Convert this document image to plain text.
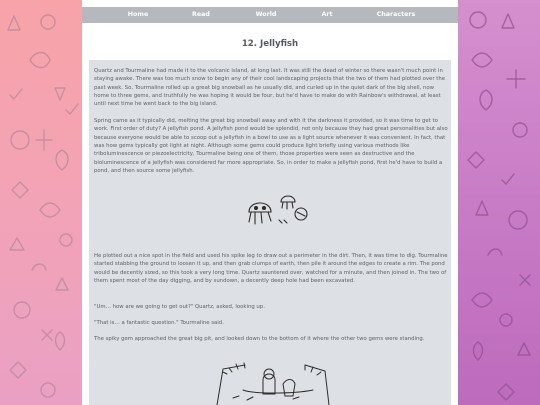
Home	Read	World	Art	Characters
12. Jellyfish

Quartz and Tourmaline had made it to the volcanic island, at long last. It was still the dead of winter so there wasn't much point in staying awake. There was too much snow to begin any of their cool landscaping projects that the two of them had plotted over the past week. So, Tourmaline rolled up a great big snowball as he usually did, and curled up in the quiet dark of the big shell, now home to three gems, and truthfully he was hoping it would be four, but he'd have to make do with Rainbow's withdrawal, at least until next time he went back to the big island.

Spring came as it typically did, melting the great big snowball away and with it the darkness it provided, so it was time to get to work. First order of duty? A jellyfish pond. A jellyfish pond would be splendid, not only because they had great personalities but also because everyone would be able to scoop out a jellyfish in a bowl to use as a light source whenever it was convenient. In fact, that was how gems typically got light at night. Although some gems could produce light briefly using various methods like triboluminescence or piezoelectricity, Tourmaline being one of them, those properties were seen as destructive and the bioluminescence of a jellyfish was considered far more appropriate. So, in order to make a jellyfish pond, first he'd have to build a pond, and then source some jellyfish.

He plotted out a nice spot in the field and used his spike leg to draw out a perimeter in the dirt. Then, it was time to dig. Tourmaline started stabbing the ground to loosen it up, and then grab clumps of earth, then pile it around the edges to create a rim. The pond would be decently sized, so this took a very long time. Quartz sauntered over, watched for a minute, and then joined in. The two of them spent most of the day digging, and by sundown, a decently deep hole had been excavated.

"Um… how are we going to get out?" Quartz, asked, looking up.

"That is… a fantastic question." Tourmaline said.

The spiky gem approached the great big pit, and looked down to the bottom of it where the other two gems were standing.
